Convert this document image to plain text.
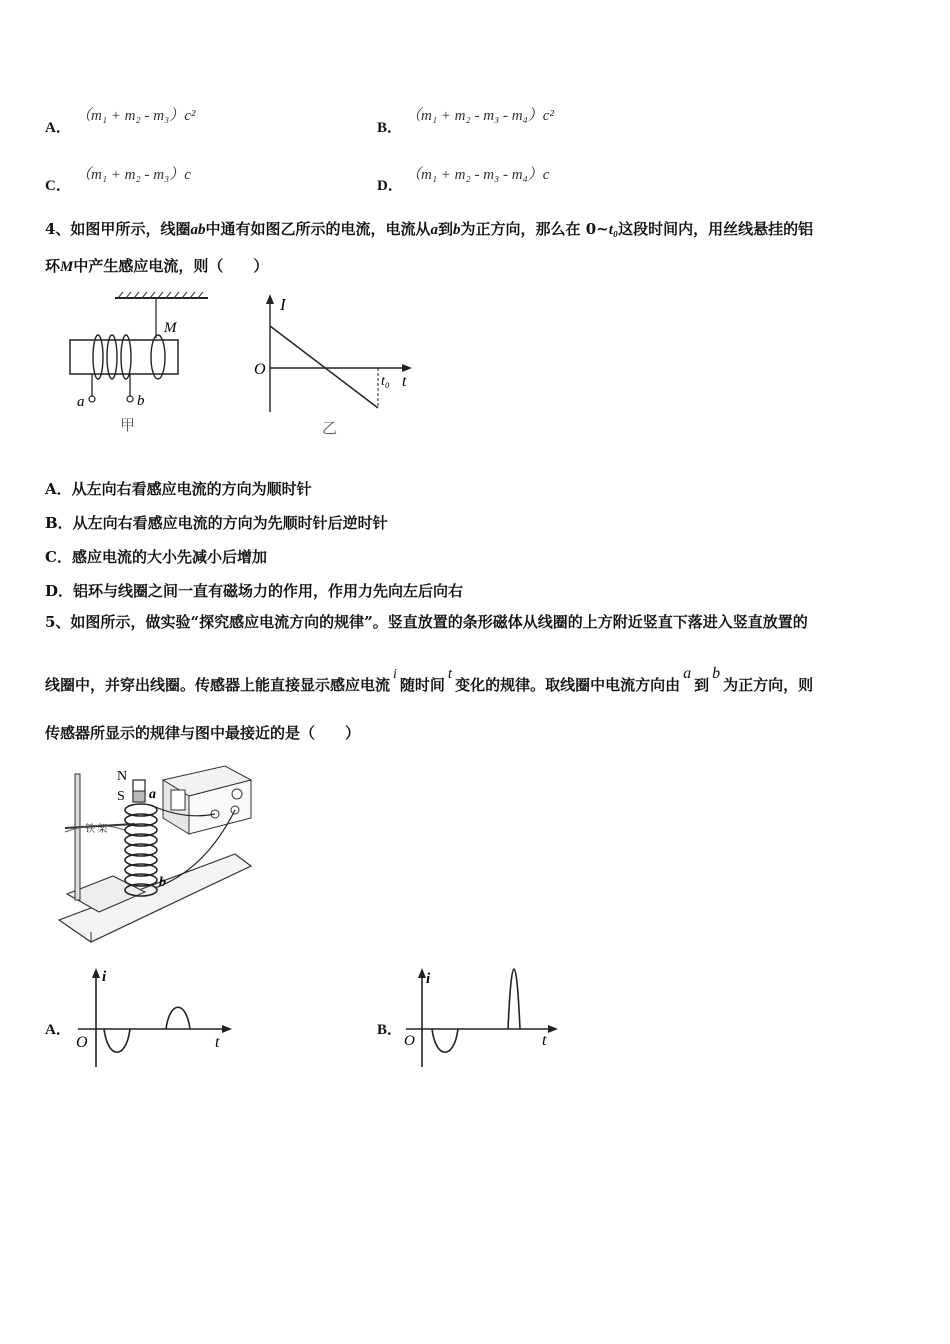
A．
（m₁ + m₂ - m₃）c²
B．
（m₁ + m₂ - m₃ - m₄）c²
C．
（m₁ + m₂ - m₃）c
D．
（m₁ + m₂ - m₃ - m₄）c
4、如图甲所示，线圈ab中通有如图乙所示的电流，电流从a到b为正方向，那么在 0~t₀这段时间内，用丝线悬挂的铝
环M中产生感应电流，则（　　）
M
a	b
甲
I
O
t₀ t
乙
A．从左向右看感应电流的方向为顺时针
B．从左向右看感应电流的方向为先顺时针后逆时针
C．感应电流的大小先减小后增加
D．铝环与线圈之间一直有磁场力的作用，作用力先向左后向右
5、如图所示，做实验“探究感应电流方向的规律”。竖直放置的条形磁体从线圈的上方附近竖直下落进入竖直放置的
线圈中，并穿出线圈。传感器上能直接显示感应电流i随时间t变化的规律。取线圈中电流方向由a到b为正方向，则
传感器所显示的规律与图中最接近的是（　　）
铁 架
N
S a
b
A．
i
O	t
B．
i
O	t
